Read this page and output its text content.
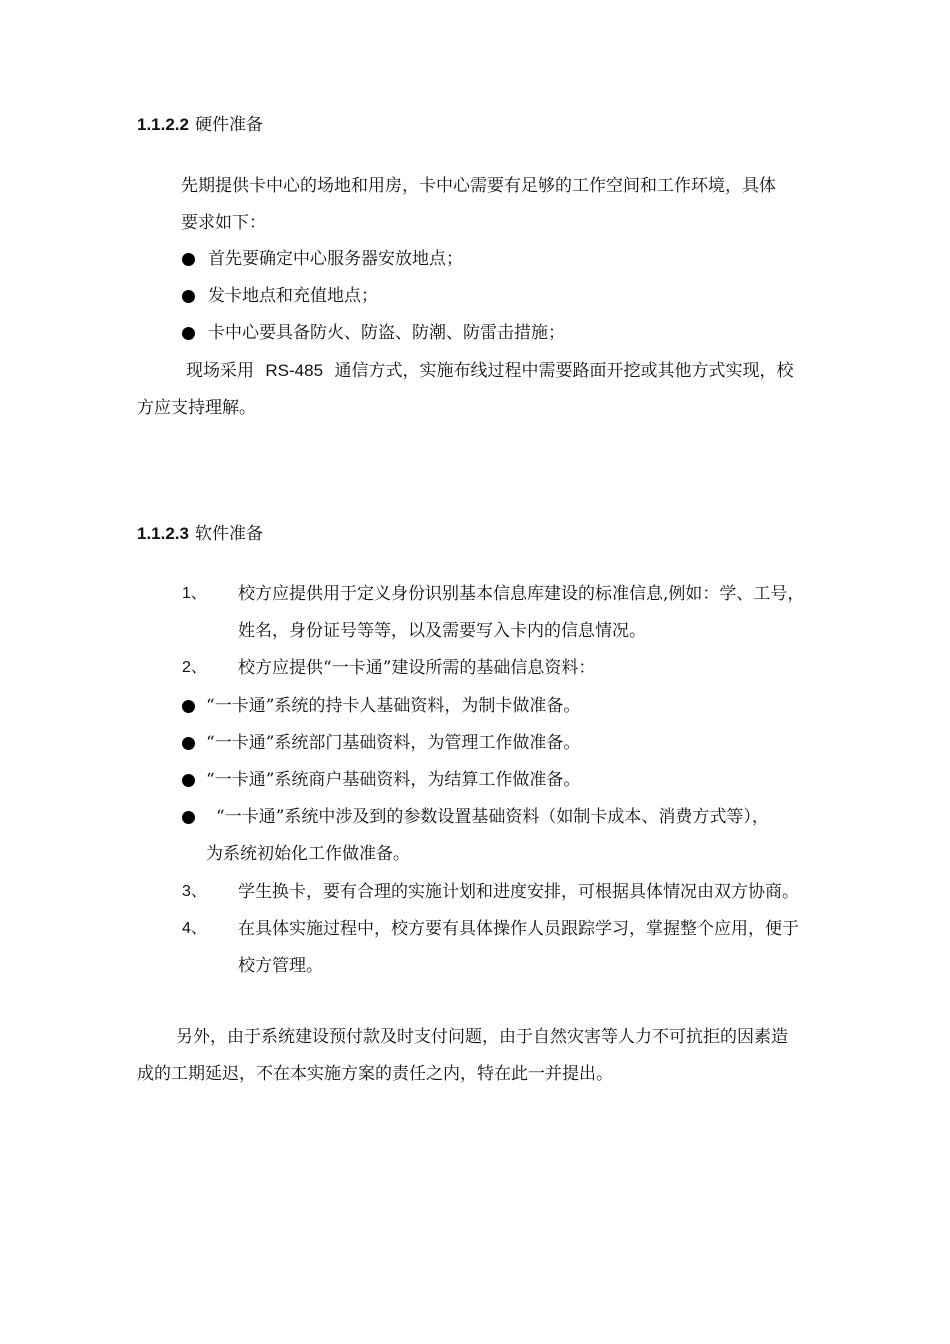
1.1.2.2 硬件准备
先期提供卡中心的场地和用房，卡中心需要有足够的工作空间和工作环境，具体
要求如下：
首先要确定中心服务器安放地点；
发卡地点和充值地点；
卡中心要具备防火、防盗、防潮、防雷击措施；
现场采用 RS-485 通信方式，实施布线过程中需要路面开挖或其他方式实现，校
方应支持理解。
1.1.2.3 软件准备
1、 校方应提供用于定义身份识别基本信息库建设的标准信息,例如：学、工号，
姓名，身份证号等等，以及需要写入卡内的信息情况。
2、 校方应提供“一卡通”建设所需的基础信息资料：
“一卡通”系统的持卡人基础资料，为制卡做准备。
“一卡通”系统部门基础资料，为管理工作做准备。
“一卡通”系统商户基础资料，为结算工作做准备。
“一卡通”系统中涉及到的参数设置基础资料（如制卡成本、消费方式等），
为系统初始化工作做准备。
3、 学生换卡，要有合理的实施计划和进度安排，可根据具体情况由双方协商。
4、 在具体实施过程中，校方要有具体操作人员跟踪学习，掌握整个应用，便于
校方管理。
另外，由于系统建设预付款及时支付问题，由于自然灾害等人力不可抗拒的因素造
成的工期延迟，不在本实施方案的责任之内，特在此一并提出。
